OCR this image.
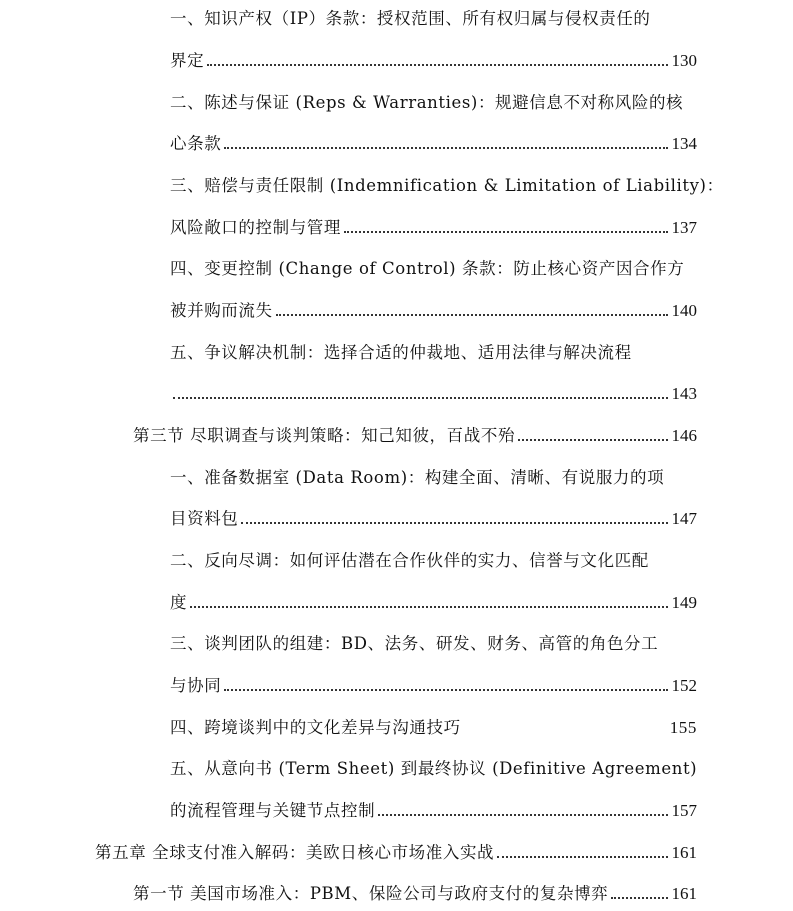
一、知识产权（IP）条款：授权范围、所有权归属与侵权责任的
界定	130
二、陈述与保证 (Reps & Warranties)：规避信息不对称风险的核
心条款	134
三、赔偿与责任限制 (Indemnification & Limitation of Liability)：
风险敞口的控制与管理	137
四、变更控制 (Change of Control) 条款：防止核心资产因合作方
被并购而流失	140
五、争议解决机制：选择合适的仲裁地、适用法律与解决流程
143
第三节 尽职调查与谈判策略：知己知彼，百战不殆	146
一、准备数据室 (Data Room)：构建全面、清晰、有说服力的项
目资料包	147
二、反向尽调：如何评估潜在合作伙伴的实力、信誉与文化匹配
度	149
三、谈判团队的组建：BD、法务、研发、财务、高管的角色分工
与协同	152
四、跨境谈判中的文化差异与沟通技巧	155
五、从意向书 (Term Sheet) 到最终协议 (Definitive Agreement)
的流程管理与关键节点控制	157
第五章 全球支付准入解码：美欧日核心市场准入实战	161
第一节 美国市场准入：PBM、保险公司与政府支付的复杂博弈	161
